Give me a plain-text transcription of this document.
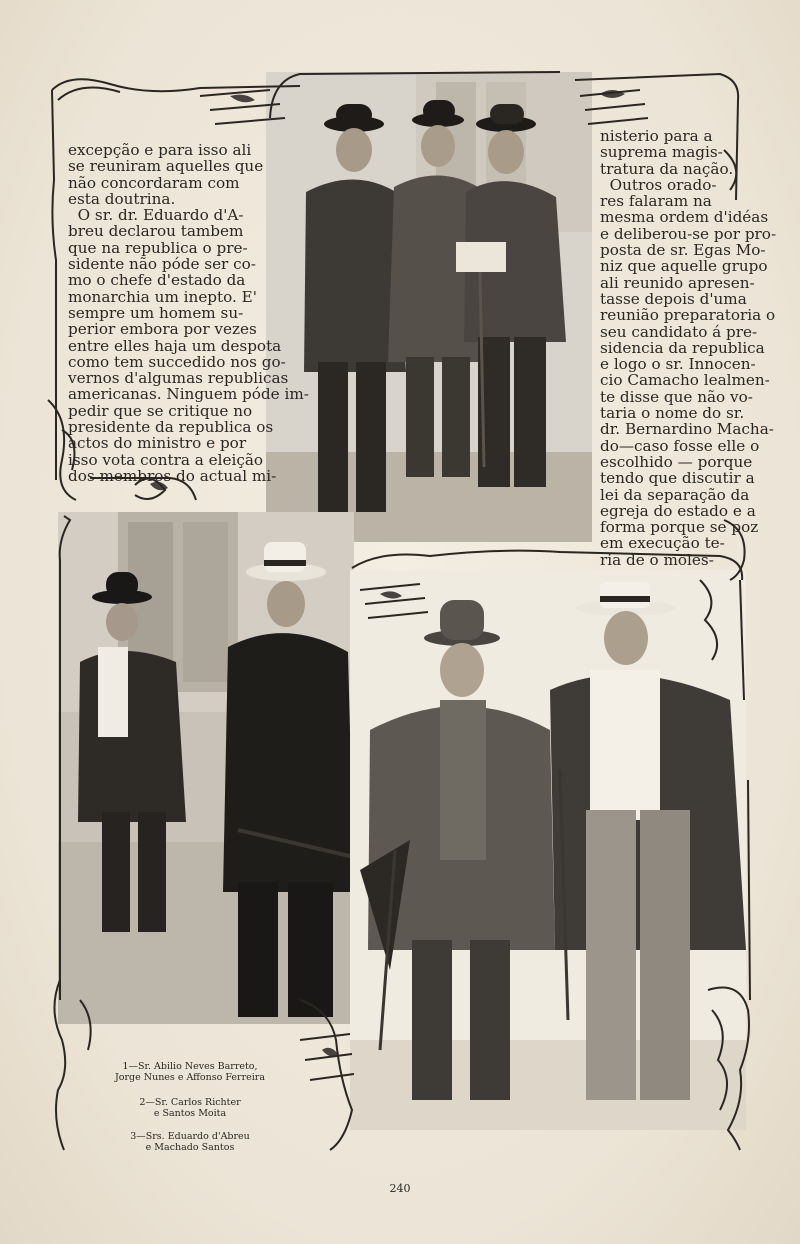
excepção e para isso ali
se reuniram aquelles que
não concordaram com
esta doutrina.
O sr. dr. Eduardo d'A-
breu declarou tambem
que na republica o pre-
sidente não póde ser co-
mo o chefe d'estado da
monarchia um inepto. E'
sempre um homem su-
perior embora por vezes
entre elles haja um despota
como tem succedido nos go-
vernos d'algumas republicas
americanas. Ninguem póde
pedir que se critique no
presidente da republica os
actos do ministro e por
isso vota contra a eleição
dos membros do actual mi-

nisterio para a
suprema magis-
tratura da nação.
Outros orado-
res falaram na
mesma ordem d'idéas
e deliberou-se por
posta de sr. Egas
niz que aquelle grupo
ali reunido apresen-
tasse depois d'uma
reunião preparatoria
seu candidato á pre-
sidencia da republica
e logo o sr. Innocen-
cio Camacho lealmen-
te disse que não vo-
taria o nome do sr.
dr. Bernardino Macha-
do—caso fosse elle
escolhido — porque
tendo que discutir
lei da separação da
egreja do estado e
forma porque se poz
em execução te-
ria de o moles-

1—Sr. Abilio Neves Barreto,
Jorge Nunes e Affonso Ferreira

2—Sr. Carlos Richter
e Santos Moita

3—Srs. Eduardo d'Abreu
e Machado Santos

240
